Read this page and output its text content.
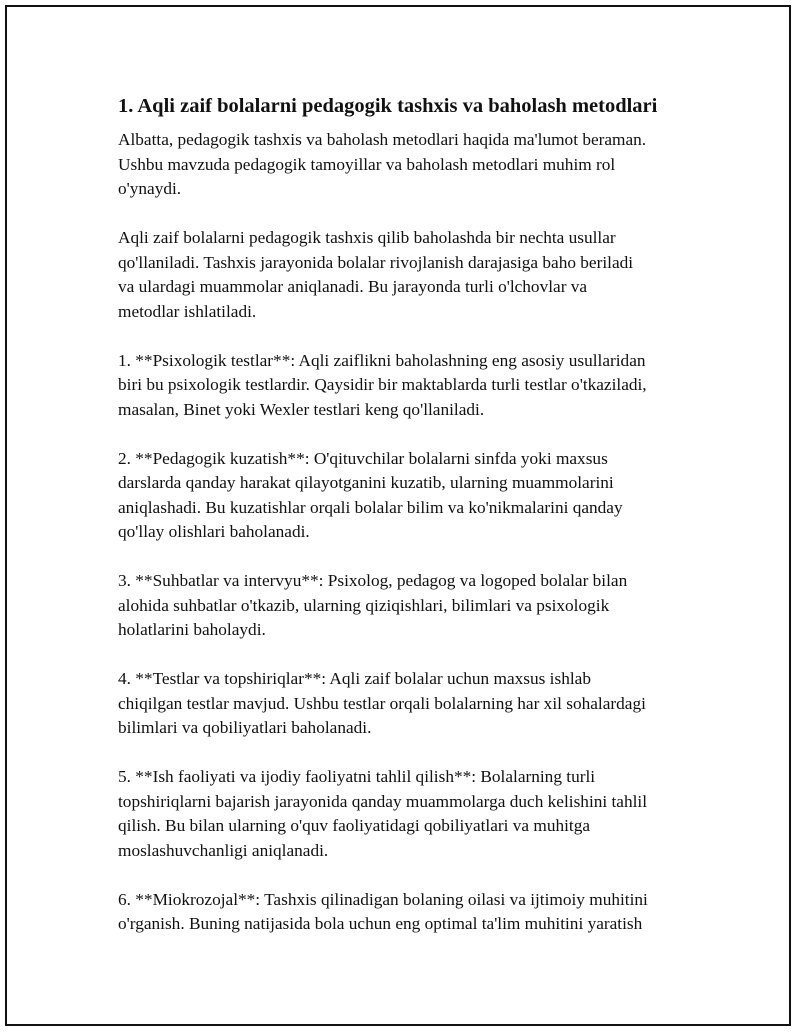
1. Aqli zaif bolalarni pedagogik tashxis va baholash metodlari

Albatta, pedagogik tashxis va baholash metodlari haqida ma'lumot beraman.
Ushbu mavzuda pedagogik tamoyillar va baholash metodlari muhim rol
o'ynaydi.

Aqli zaif bolalarni pedagogik tashxis qilib baholashda bir nechta usullar
qo'llaniladi. Tashxis jarayonida bolalar rivojlanish darajasiga baho beriladi
va ulardagi muammolar aniqlanadi. Bu jarayonda turli o'lchovlar va
metodlar ishlatiladi.

1. **Psixologik testlar**: Aqli zaiflikni baholashning eng asosiy usullaridan
biri bu psixologik testlardir. Qaysidir bir maktablarda turli testlar o'tkaziladi,
masalan, Binet yoki Wexler testlari keng qo'llaniladi.

2. **Pedagogik kuzatish**: O'qituvchilar bolalarni sinfda yoki maxsus
darslarda qanday harakat qilayotganini kuzatib, ularning muammolarini
aniqlashadi. Bu kuzatishlar orqali bolalar bilim va ko'nikmalarini qanday
qo'llay olishlari baholanadi.

3. **Suhbatlar va intervyu**: Psixolog, pedagog va logoped bolalar bilan
alohida suhbatlar o'tkazib, ularning qiziqishlari, bilimlari va psixologik
holatlarini baholaydi.

4. **Testlar va topshiriqlar**: Aqli zaif bolalar uchun maxsus ishlab
chiqilgan testlar mavjud. Ushbu testlar orqali bolalarning har xil sohalardagi
bilimlari va qobiliyatlari baholanadi.

5. **Ish faoliyati va ijodiy faoliyatni tahlil qilish**: Bolalarning turli
topshiriqlarni bajarish jarayonida qanday muammolarga duch kelishini tahlil
qilish. Bu bilan ularning o'quv faoliyatidagi qobiliyatlari va muhitga
moslashuvchanligi aniqlanadi.

6. **Miokrozojal**: Tashxis qilinadigan bolaning oilasi va ijtimoiy muhitini
o'rganish. Buning natijasida bola uchun eng optimal ta'lim muhitini yaratish
